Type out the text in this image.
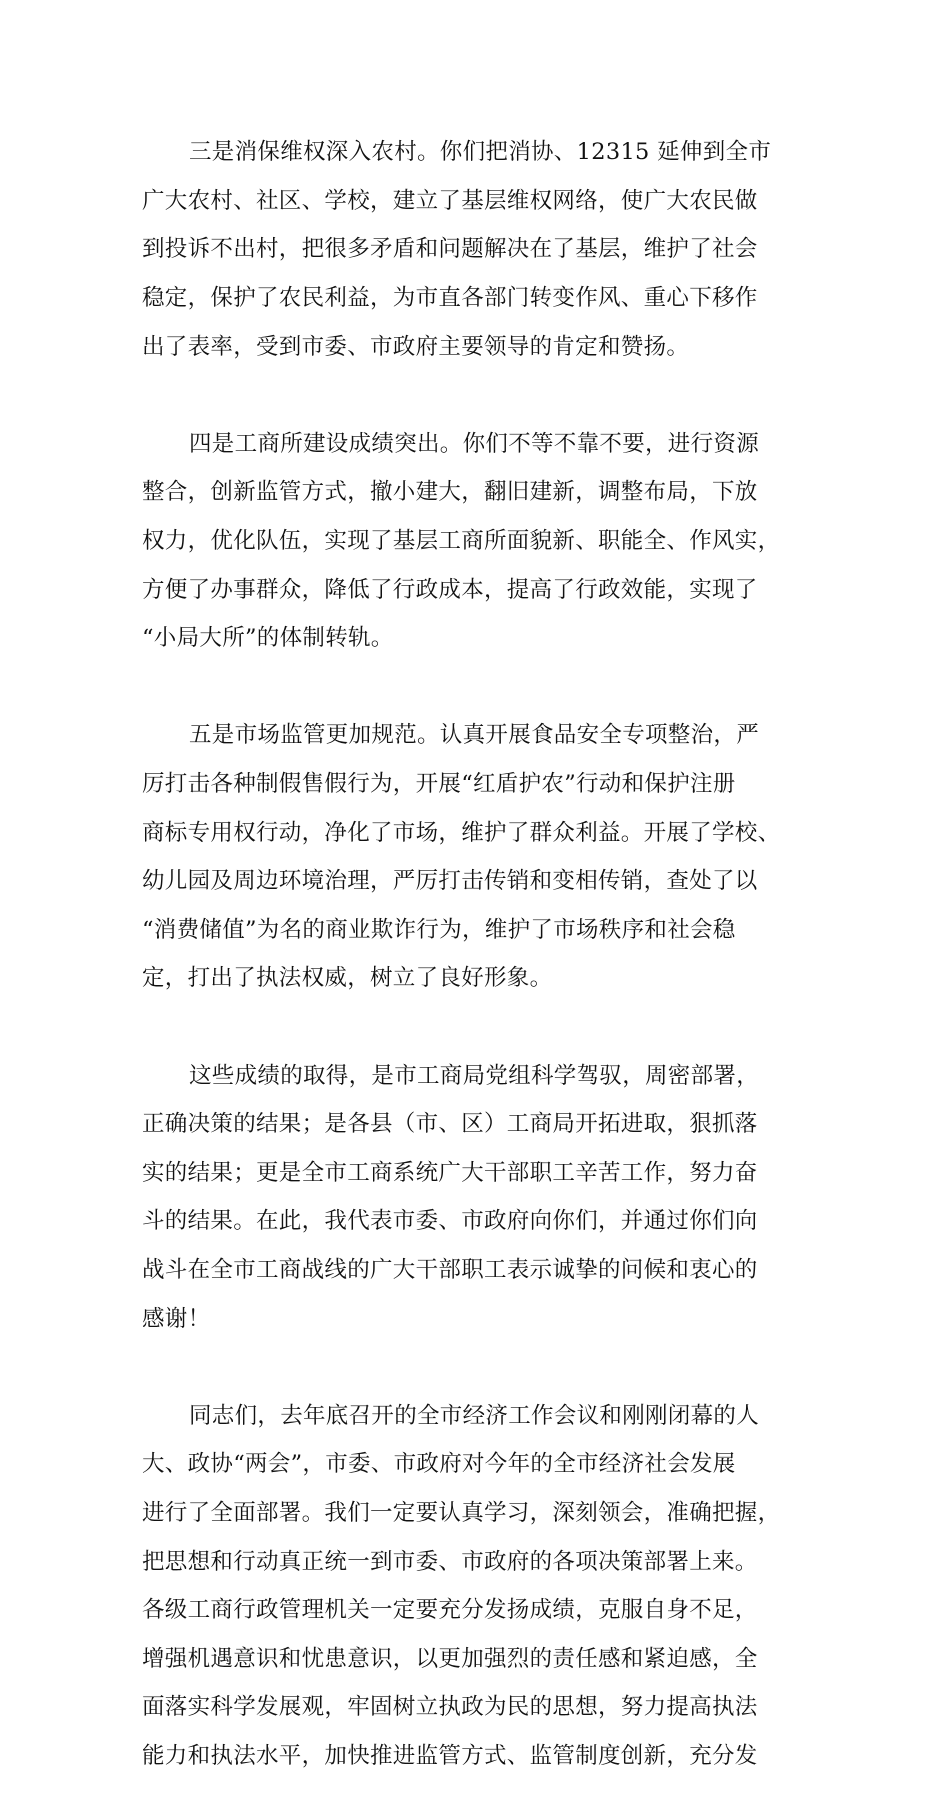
三是消保维权深入农村。你们把消协、12315 延伸到全市

广大农村、社区、学校，建立了基层维权网络，使广大农民做

到投诉不出村，把很多矛盾和问题解决在了基层，维护了社会

稳定，保护了农民利益，为市直各部门转变作风、重心下移作

出了表率，受到市委、市政府主要领导的肯定和赞扬。

四是工商所建设成绩突出。你们不等不靠不要，进行资源

整合，创新监管方式，撤小建大，翻旧建新，调整布局，下放

权力，优化队伍，实现了基层工商所面貌新、职能全、作风实，

方便了办事群众，降低了行政成本，提高了行政效能，实现了

“小局大所”的体制转轨。

五是市场监管更加规范。认真开展食品安全专项整治，严

厉打击各种制假售假行为，开展“红盾护农”行动和保护注册

商标专用权行动，净化了市场，维护了群众利益。开展了学校、

幼儿园及周边环境治理，严厉打击传销和变相传销，查处了以

“消费储值”为名的商业欺诈行为，维护了市场秩序和社会稳

定，打出了执法权威，树立了良好形象。

这些成绩的取得，是市工商局党组科学驾驭，周密部署，

正确决策的结果；是各县（市、区）工商局开拓进取，狠抓落

实的结果；更是全市工商系统广大干部职工辛苦工作，努力奋

斗的结果。在此，我代表市委、市政府向你们，并通过你们向

战斗在全市工商战线的广大干部职工表示诚挚的问候和衷心的

感谢！

同志们，去年底召开的全市经济工作会议和刚刚闭幕的人

大、政协“两会”，市委、市政府对今年的全市经济社会发展

进行了全面部署。我们一定要认真学习，深刻领会，准确把握，

把思想和行动真正统一到市委、市政府的各项决策部署上来。

各级工商行政管理机关一定要充分发扬成绩，克服自身不足，

增强机遇意识和忧患意识，以更加强烈的责任感和紧迫感，全

面落实科学发展观，牢固树立执政为民的思想，努力提高执法

能力和执法水平，加快推进监管方式、监管制度创新，充分发
